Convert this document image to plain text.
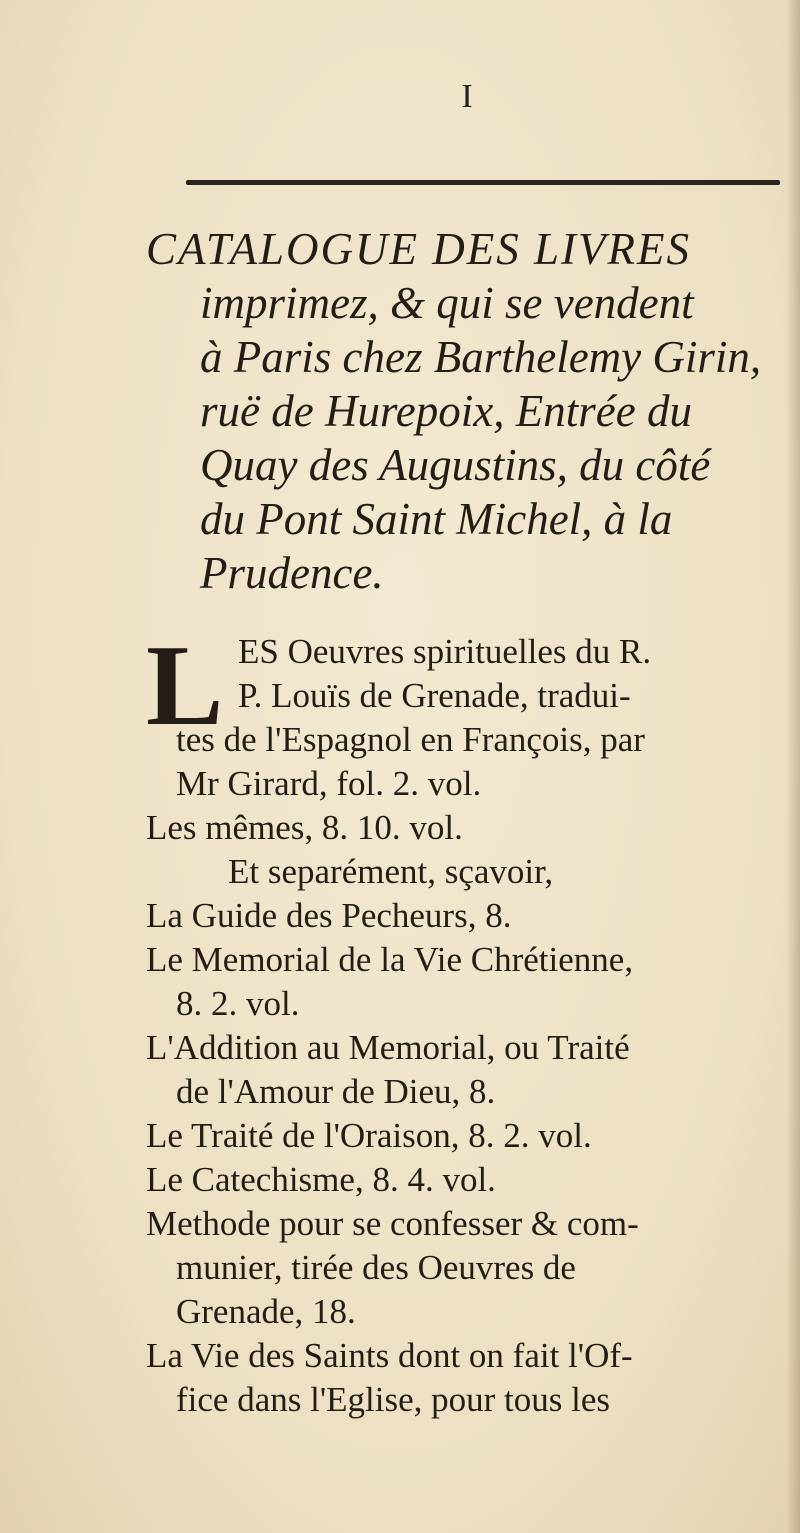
I
CATALOGUE DES LIVRES
imprimez, & qui se vendent
à Paris chez Barthelemy Girin,
ruë de Hurepoix, Entrée du
Quay des Augustins, du côté
du Pont Saint Michel, à la
Prudence.
L ES Oeuvres spirituelles du R.
P. Louïs de Grenade, tradui-
tes de l'Espagnol en François, par
Mr Girard, fol. 2. vol.
Les mêmes, 8. 10. vol.
Et separément, sçavoir,
La Guide des Pecheurs, 8.
Le Memorial de la Vie Chrétienne,
8. 2. vol.
L'Addition au Memorial, ou Traité
de l'Amour de Dieu, 8.
Le Traité de l'Oraison, 8. 2. vol.
Le Catechisme, 8. 4. vol.
Methode pour se confesser & com-
munier, tirée des Oeuvres de
Grenade, 18.
La Vie des Saints dont on fait l'Of-
fice dans l'Eglise, pour tous les
